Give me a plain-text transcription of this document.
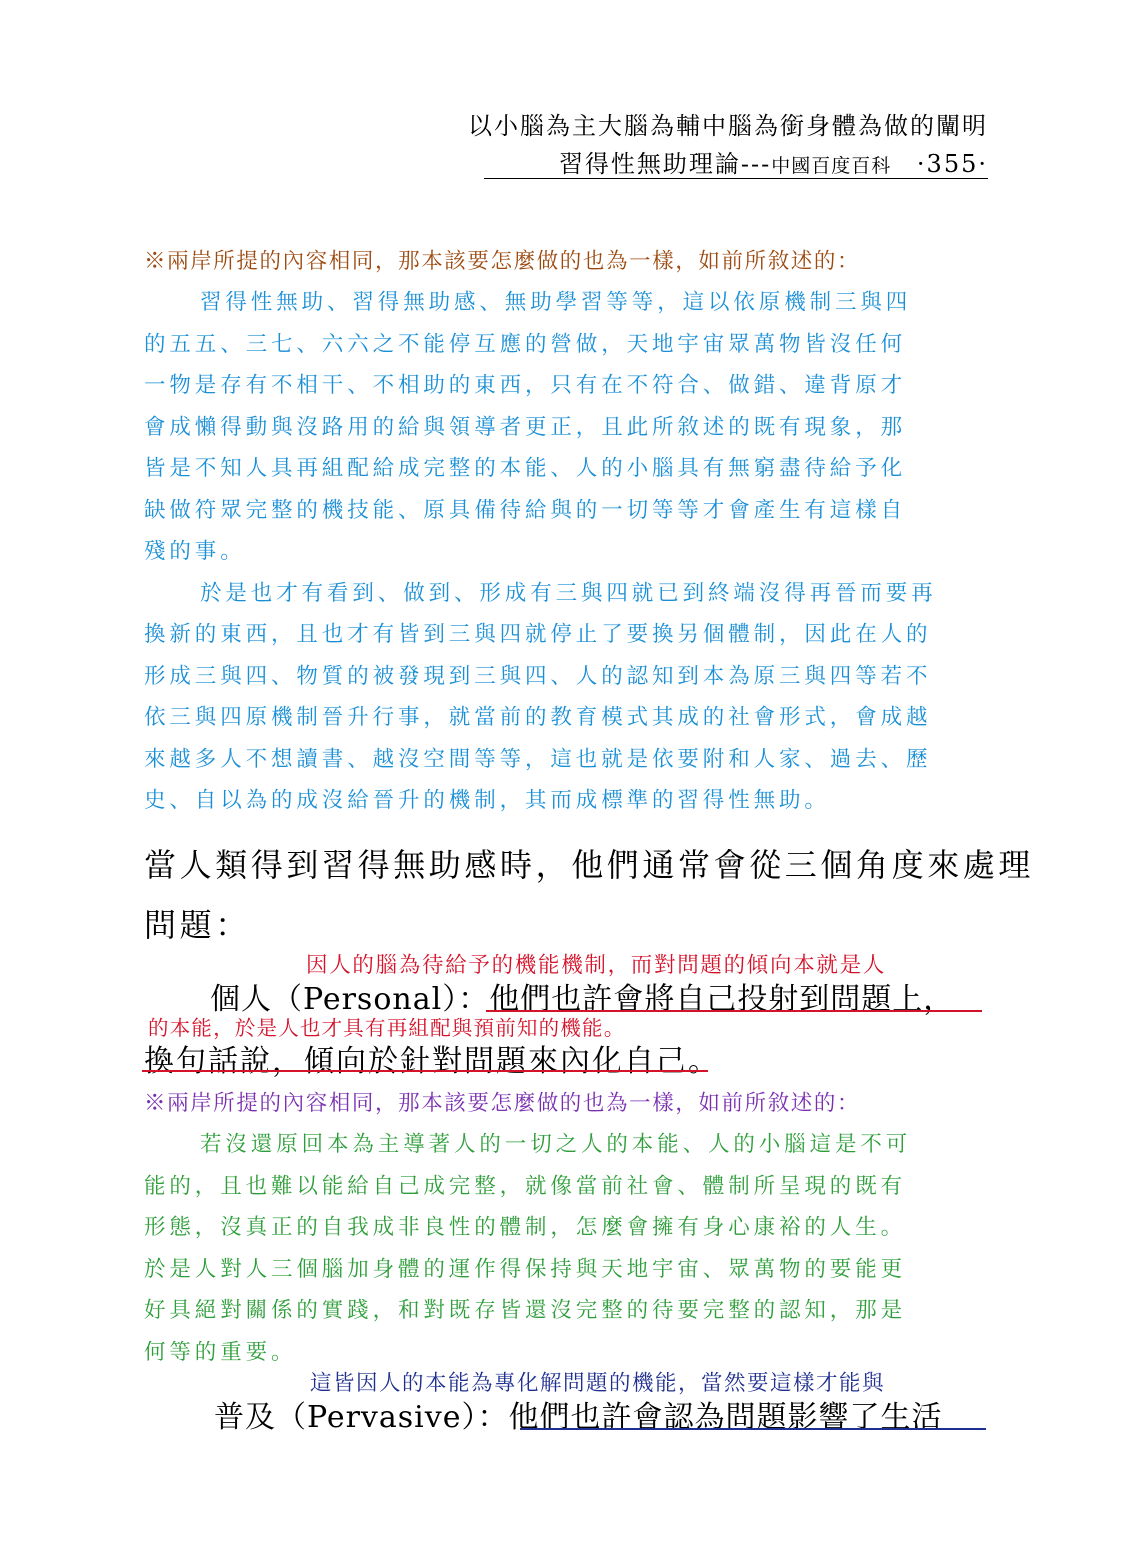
以小腦為主大腦為輔中腦為銜身體為做的闡明
習得性無助理論---中國百度百科 ·355·
※兩岸所提的內容相同，那本該要怎麼做的也為一樣，如前所敘述的：
習得性無助、習得無助感、無助學習等等，這以依原機制三與四
的五五、三七、六六之不能停互應的營做，天地宇宙眾萬物皆沒任何
一物是存有不相干、不相助的東西，只有在不符合、做錯、違背原才
會成懶得動與沒路用的給與領導者更正，且此所敘述的既有現象，那
皆是不知人具再組配給成完整的本能、人的小腦具有無窮盡待給予化
缺做符眾完整的機技能、原具備待給與的一切等等才會產生有這樣自
殘的事。
於是也才有看到、做到、形成有三與四就已到終端沒得再晉而要再
換新的東西，且也才有皆到三與四就停止了要換另個體制，因此在人的
形成三與四、物質的被發現到三與四、人的認知到本為原三與四等若不
依三與四原機制晉升行事，就當前的教育模式其成的社會形式，會成越
來越多人不想讀書、越沒空間等等，這也就是依要附和人家、過去、歷
史、自以為的成沒給晉升的機制，其而成標準的習得性無助。
當人類得到習得無助感時，他們通常會從三個角度來處理
問題：
因人的腦為待給予的機能機制，而對問題的傾向本就是人
個人（Personal）：他們也許會將自己投射到問題上，
的本能，於是人也才具有再組配與預前知的機能。
換句話說，傾向於針對問題來內化自己。
※兩岸所提的內容相同，那本該要怎麼做的也為一樣，如前所敘述的：
若沒還原回本為主導著人的一切之人的本能、人的小腦這是不可
能的，且也難以能給自己成完整，就像當前社會、體制所呈現的既有
形態，沒真正的自我成非良性的體制，怎麼會擁有身心康裕的人生。
於是人對人三個腦加身體的運作得保持與天地宇宙、眾萬物的要能更
好具絕對關係的實踐，和對既存皆還沒完整的待要完整的認知，那是
何等的重要。
這皆因人的本能為專化解問題的機能，當然要這樣才能與
普及（Pervasive）：他們也許會認為問題影響了生活
